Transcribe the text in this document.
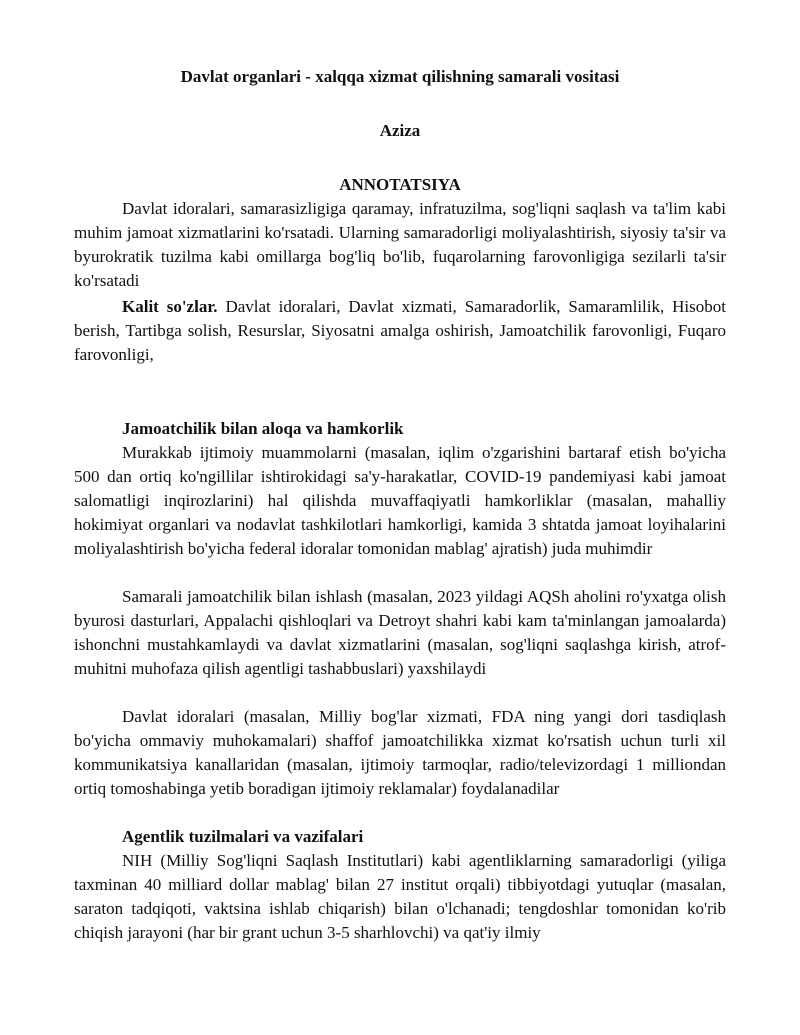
Davlat organlari - xalqqa xizmat qilishning samarali vositasi
Aziza
ANNOTATSIYA

Davlat idoralari, samarasizligiga qaramay, infratuzilma, sog'liqni saqlash va ta'lim kabi muhim jamoat xizmatlarini ko'rsatadi. Ularning samaradorligi moliyalashtirish, siyosiy ta'sir va byurokratik tuzilma kabi omillarga bog'liq bo'lib, fuqarolarning farovonligiga sezilarli ta'sir ko'rsatadi

Kalit so'zlar. Davlat idoralari, Davlat xizmati, Samaradorlik, Samaramlilik, Hisobot berish, Tartibga solish, Resurslar, Siyosatni amalga oshirish, Jamoatchilik farovonligi, Fuqaro farovonligi,

Jamoatchilik bilan aloqa va hamkorlik

Murakkab ijtimoiy muammolarni (masalan, iqlim o'zgarishini bartaraf etish bo'yicha 500 dan ortiq ko'ngillilar ishtirokidagi sa'y-harakatlar, COVID-19 pandemiyasi kabi jamoat salomatligi inqirozlarini) hal qilishda muvaffaqiyatli hamkorliklar (masalan, mahalliy hokimiyat organlari va nodavlat tashkilotlari hamkorligi, kamida 3 shtatda jamoat loyihalarini moliyalashtirish bo'yicha federal idoralar tomonidan mablag' ajratish) juda muhimdir

Samarali jamoatchilik bilan ishlash (masalan, 2023 yildagi AQSh aholini ro'yxatga olish byurosi dasturlari, Appalachi qishloqlari va Detroyt shahri kabi kam ta'minlangan jamoalarda) ishonchni mustahkamlaydi va davlat xizmatlarini (masalan, sog'liqni saqlashga kirish, atrof-muhitni muhofaza qilish agentligi tashabbuslari) yaxshilaydi

Davlat idoralari (masalan, Milliy bog'lar xizmati, FDA ning yangi dori tasdiqlash bo'yicha ommaviy muhokamalari) shaffof jamoatchilikka xizmat ko'rsatish uchun turli xil kommunikatsiya kanallaridan (masalan, ijtimoiy tarmoqlar, radio/televizordagi 1 milliondan ortiq tomoshabinga yetib boradigan ijtimoiy reklamalar) foydalanadilar

Agentlik tuzilmalari va vazifalari

NIH (Milliy Sog'liqni Saqlash Institutlari) kabi agentliklarning samaradorligi (yiliga taxminan 40 milliard dollar mablag' bilan 27 institut orqali) tibbiyotdagi yutuqlar (masalan, saraton tadqiqoti, vaktsina ishlab chiqarish) bilan o'lchanadi; tengdoshlar tomonidan ko'rib chiqish jarayoni (har bir grant uchun 3-5 sharhlovchi) va qat'iy ilmiy
